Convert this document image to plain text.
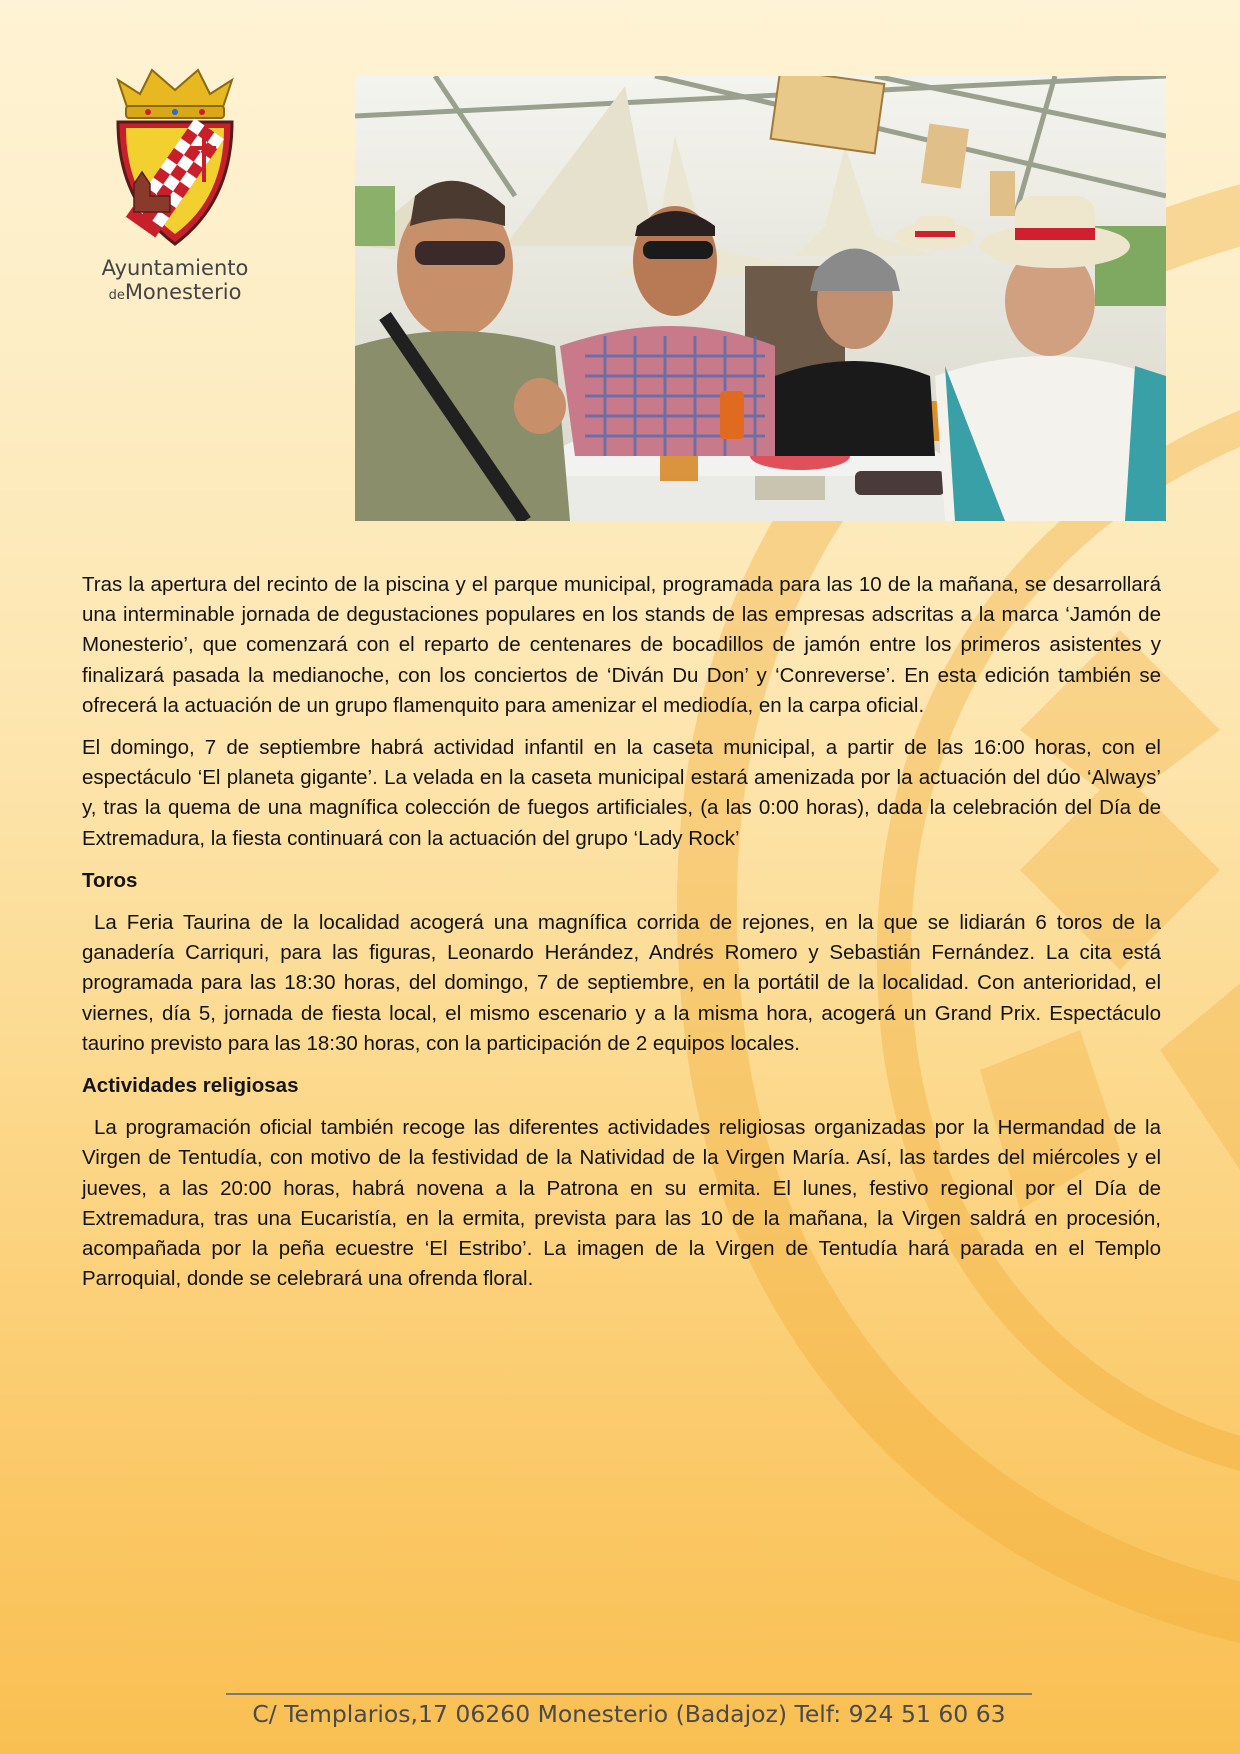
Ayuntamiento
deMonesterio

Tras la apertura del recinto de la piscina y el parque municipal, programada para las 10 de la mañana, se desarrollará una interminable jornada de degustaciones populares en los stands de las empresas adscritas a la marca ‘Jamón de Monesterio’, que comenzará con el reparto de centenares de bocadillos de jamón entre los primeros asistentes y finalizará pasada la medianoche, con los conciertos de ‘Diván Du Don’ y ‘Conreverse’. En esta edición también se ofrecerá la actuación de un grupo flamenquito para amenizar el mediodía, en la carpa oficial.

El domingo, 7 de septiembre habrá actividad infantil en la caseta municipal, a partir de las 16:00 horas, con el espectáculo ‘El planeta gigante’. La velada en la caseta municipal estará amenizada por la actuación del dúo ‘Always’ y, tras la quema de una magnífica colección de fuegos artificiales, (a las 0:00 horas), dada la celebración del Día de Extremadura, la fiesta continuará con la actuación del grupo ‘Lady Rock’

Toros

La Feria Taurina de la localidad acogerá una magnífica corrida de rejones, en la que se lidiarán 6 toros de la ganadería Carriquri, para las figuras, Leonardo Herández, Andrés Romero y Sebastián Fernández. La cita está programada para las 18:30 horas, del domingo, 7 de septiembre, en la portátil de la localidad. Con anterioridad, el viernes, día 5, jornada de fiesta local, el mismo escenario y a la misma hora, acogerá un Grand Prix. Espectáculo taurino previsto para las 18:30 horas, con la participación de 2 equipos locales.

Actividades religiosas

La programación oficial también recoge las diferentes actividades religiosas organizadas por la Hermandad de la Virgen de Tentudía, con motivo de la festividad de la Natividad de la Virgen María. Así, las tardes del miércoles y el jueves, a las 20:00 horas, habrá novena a la Patrona en su ermita. El lunes, festivo regional por el Día de Extremadura, tras una Eucaristía, en la ermita, prevista para las 10 de la mañana, la Virgen saldrá en procesión, acompañada por la peña ecuestre ‘El Estribo’. La imagen de la Virgen de Tentudía hará parada en el Templo Parroquial, donde se celebrará una ofrenda floral.

C/ Templarios,17 06260 Monesterio (Badajoz) Telf: 924 51 60 63
